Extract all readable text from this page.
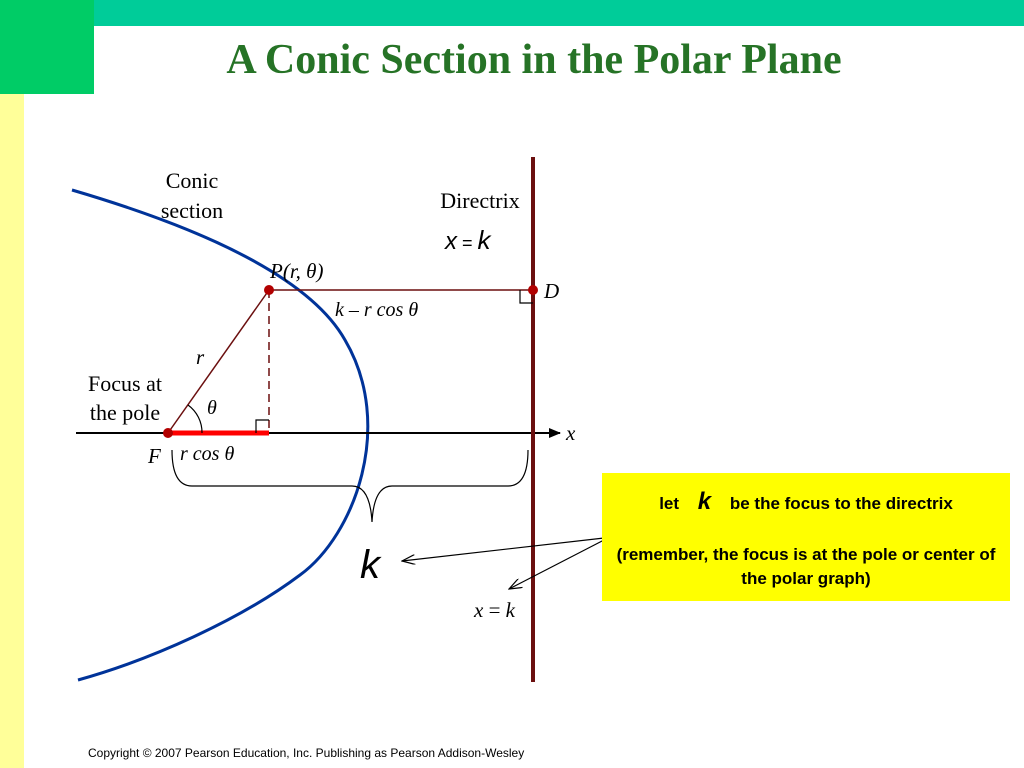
A Conic Section in the Polar Plane
Conic
section	Directrix
x = k
P(r, θ)
k – r cos θ
D
r
θ
Focus at
the pole
F r cos θ
x
k
x = k
let k be the focus to the directrix
(remember, the focus is at the pole or center of the polar graph)
Copyright © 2007 Pearson Education, Inc. Publishing as Pearson Addison-Wesley
